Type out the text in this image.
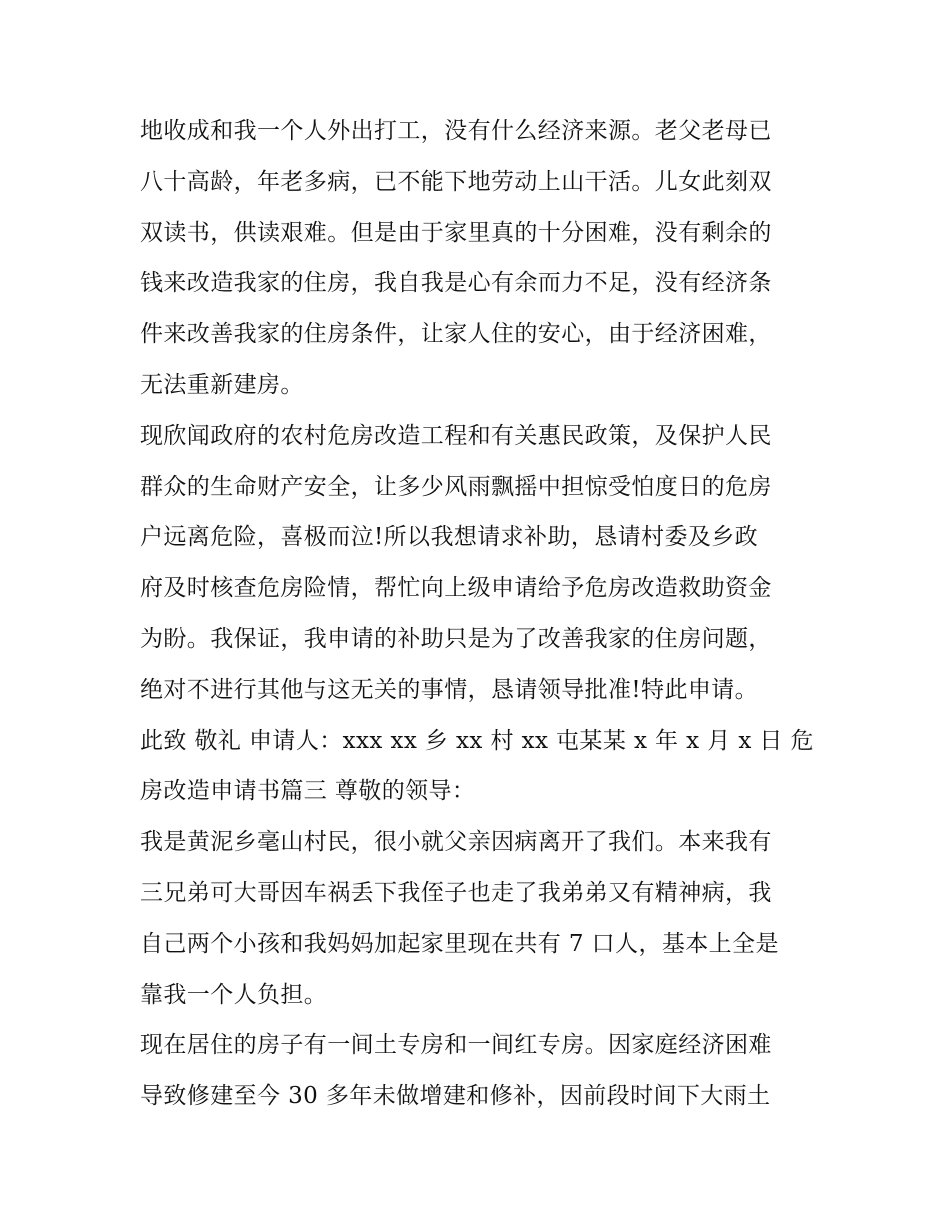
地收成和我一个人外出打工，没有什么经济来源。老父老母已
八十高龄，年老多病，已不能下地劳动上山干活。儿女此刻双
双读书，供读艰难。但是由于家里真的十分困难，没有剩余的
钱来改造我家的住房，我自我是心有余而力不足，没有经济条
件来改善我家的住房条件，让家人住的安心，由于经济困难，
无法重新建房。
现欣闻政府的农村危房改造工程和有关惠民政策，及保护人民
群众的生命财产安全，让多少风雨飘摇中担惊受怕度日的危房
户远离危险，喜极而泣!所以我想请求补助，恳请村委及乡政
府及时核查危房险情，帮忙向上级申请给予危房改造救助资金
为盼。我保证，我申请的补助只是为了改善我家的住房问题，
绝对不进行其他与这无关的事情，恳请领导批准!特此申请。
此致 敬礼 申请人：xxx xx 乡 xx 村 xx 屯某某 x 年 x 月 x 日 危
房改造申请书篇三 尊敬的领导：
我是黄泥乡毫山村民，很小就父亲因病离开了我们。本来我有
三兄弟可大哥因车祸丢下我侄子也走了我弟弟又有精神病，我
自己两个小孩和我妈妈加起家里现在共有 7 口人，基本上全是
靠我一个人负担。
现在居住的房子有一间土专房和一间红专房。因家庭经济困难
导致修建至今 30 多年未做增建和修补，因前段时间下大雨土
